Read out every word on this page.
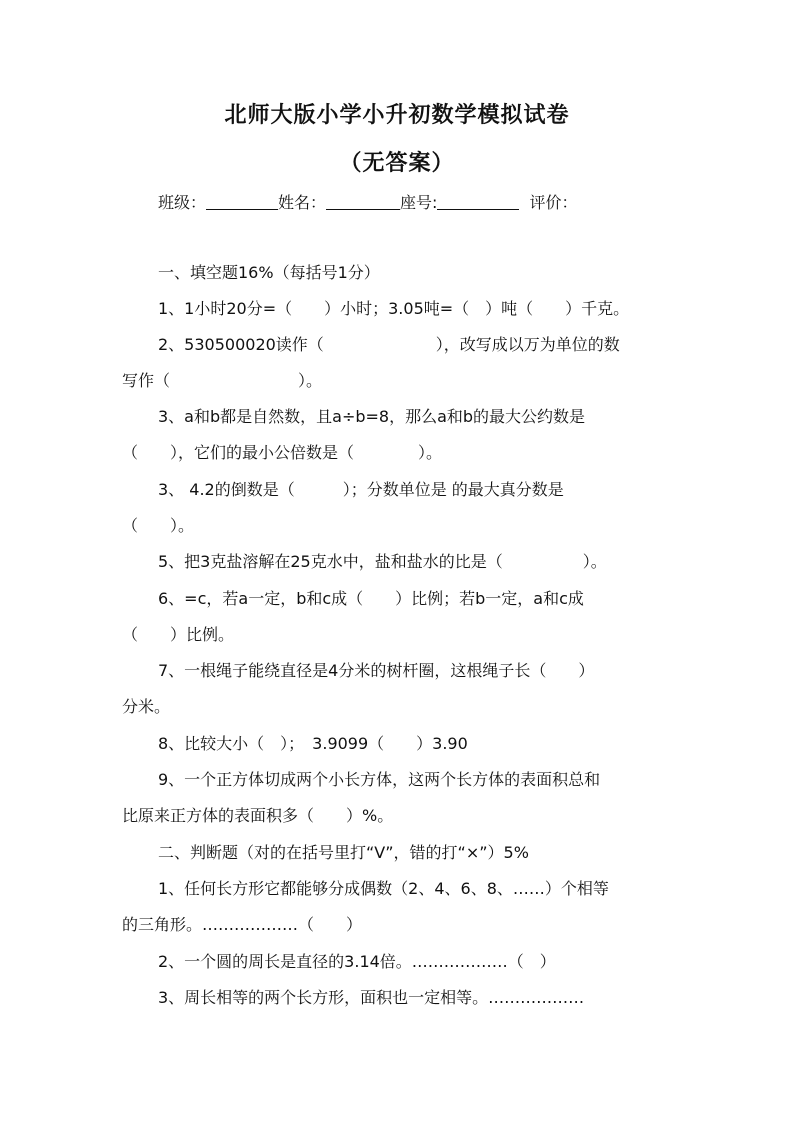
北师大版小学小升初数学模拟试卷
（无答案）
班级：	姓名：	座号:	评价：
一、填空题16%（每括号1分）
1、1小时20分=（　　）小时；3.05吨=（　）吨（　　）千克。
2、530500020读作（　　　　　　　），改写成以万为单位的数
写作（　　　　　　　　）。
3、a和b都是自然数，且a÷b=8，那么a和b的最大公约数是
（　　），它们的最小公倍数是（　　　　）。
3、 4.2的倒数是（　　　）；分数单位是 的最大真分数是
（　　）。
5、把3克盐溶解在25克水中，盐和盐水的比是（　　　　　）。
6、=c，若a一定，b和c成（　　）比例；若b一定，a和c成
（　　）比例。
7、一根绳子能绕直径是4分米的树杆圈，这根绳子长（　　）
分米。
8、比较大小（　）；　3.9099（　　）3.90
9、一个正方体切成两个小长方体，这两个长方体的表面积总和
比原来正方体的表面积多（　　）%。
二、判断题（对的在括号里打“V”，错的打“×”）5%
1、任何长方形它都能够分成偶数（2、4、6、8、……）个相等
的三角形。………………（　　）
2、一个圆的周长是直径的3.14倍。………………（　）
3、周长相等的两个长方形，面积也一定相等。………………
